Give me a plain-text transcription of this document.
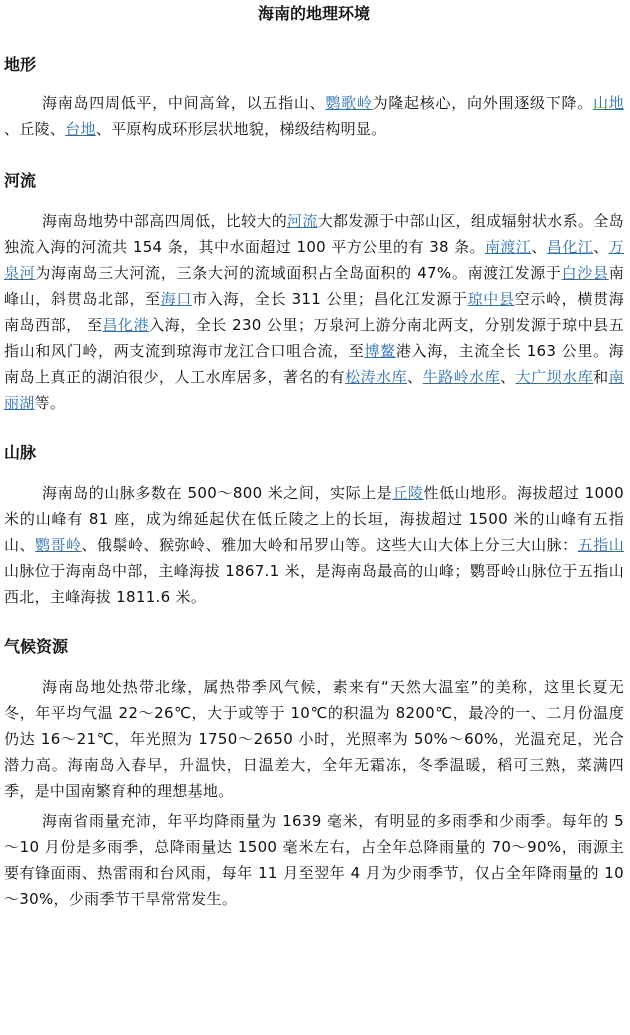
海南的地理环境
地形

海南岛四周低平，中间高耸，以五指山、鹦歌岭为隆起核心，向外围逐级下降。山地 、丘陵、台地、平原构成环形层状地貌，梯级结构明显。

河流

海南岛地势中部高四周低，比较大的河流大都发源于中部山区，组成辐射状水系。全岛独流入海的河流共 154 条，其中水面超过 100 平方公里的有 38 条。南渡江、昌化江、万泉河为海南岛三大河流，三条大河的流域面积占全岛面积的 47%。南渡江发源于白沙县南峰山，斜贯岛北部，至海口市入海，全长 311 公里；昌化江发源于琼中县空示岭，横贯海南岛西部， 至昌化港入海，全长 230 公里；万泉河上游分南北两支，分别发源于琼中县五指山和风门岭，两支流到琼海市龙江合口咀合流，至博鳌港入海，主流全长 163 公里。海南岛上真正的湖泊很少，人工水库居多，著名的有松涛水库、牛路岭水库、大广坝水库和南丽湖等。

山脉

海南岛的山脉多数在 500～800 米之间，实际上是丘陵性低山地形。海拔超过 1000 米的山峰有 81 座，成为绵延起伏在低丘陵之上的长垣，海拔超过 1500 米的山峰有五指山、鹦哥岭、俄鬃岭、猴弥岭、雅加大岭和吊罗山等。这些大山大体上分三大山脉：五指山山脉位于海南岛中部，主峰海拔 1867.1 米，是海南岛最高的山峰；鹦哥岭山脉位于五指山西北，主峰海拔 1811.6 米。

气候资源

海南岛地处热带北缘，属热带季风气候，素来有“天然大温室”的美称，这里长夏无冬，年平均气温 22～26℃，大于或等于 10℃的积温为 8200℃，最冷的一、二月份温度仍达 16～21℃，年光照为 1750～2650 小时，光照率为 50%～60%，光温充足，光合潜力高。海南岛入春早，升温快，日温差大，全年无霜冻，冬季温暖，稻可三熟，菜满四季，是中国南繁育种的理想基地。

海南省雨量充沛，年平均降雨量为 1639 毫米，有明显的多雨季和少雨季。每年的 5～10 月份是多雨季，总降雨量达 1500 毫米左右，占全年总降雨量的 70～90%，雨源主要有锋面雨、热雷雨和台风雨，每年 11 月至翌年 4 月为少雨季节，仅占全年降雨量的 10～30%，少雨季节干旱常常发生。
